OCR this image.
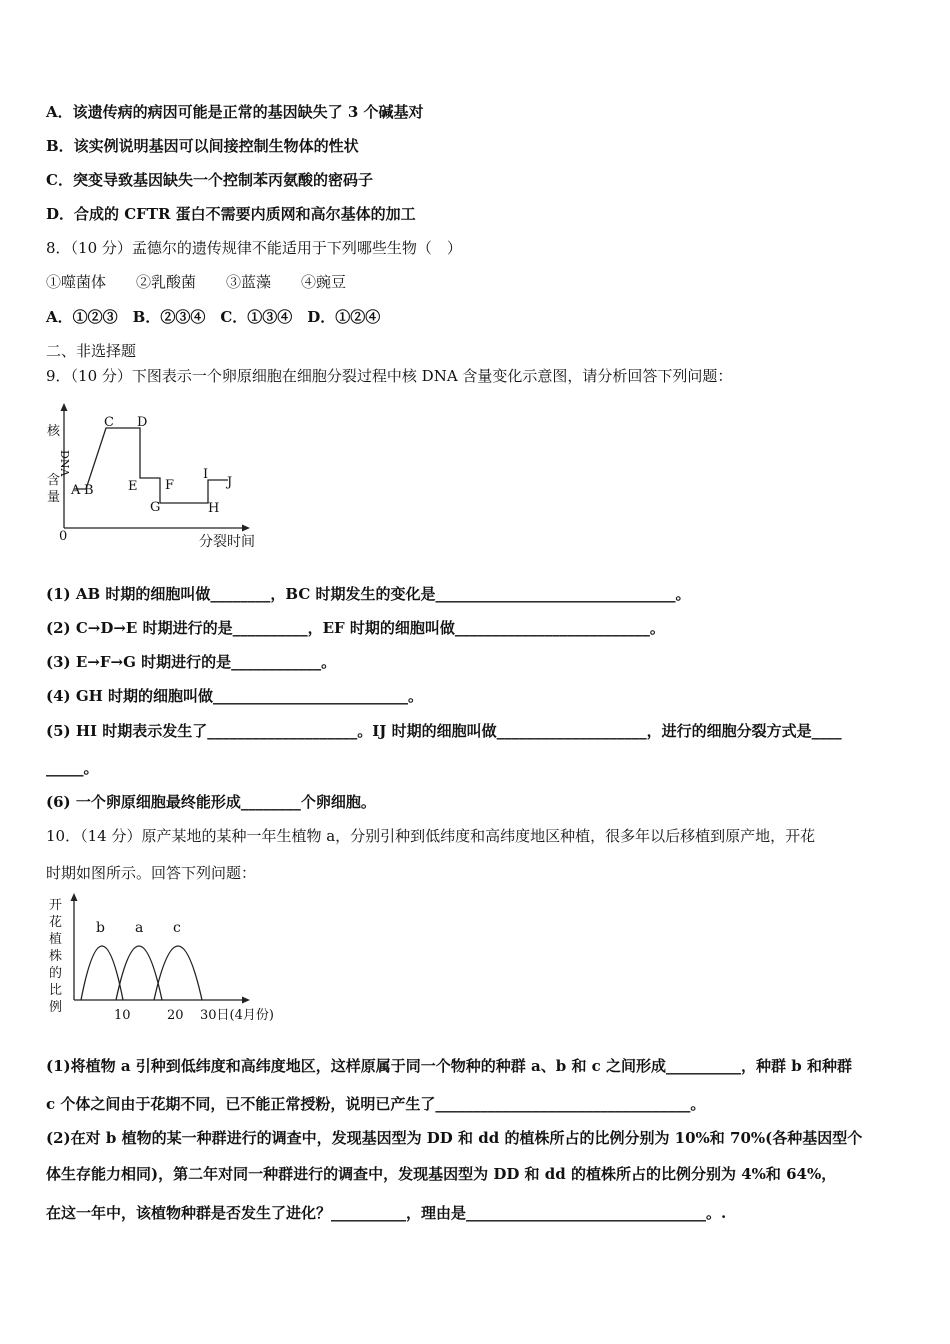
A．该遗传病的病因可能是正常的基因缺失了 3 个碱基对
B．该实例说明基因可以间接控制生物体的性状
C．突变导致基因缺失一个控制苯丙氨酸的密码子
D．合成的 CFTR 蛋白不需要内质网和高尔基体的加工
8．（10 分）孟德尔的遗传规律不能适用于下列哪些生物（　）
①噬菌体　　②乳酸菌　　③蓝藻　　④豌豆
A．①②③　B．②③④　C．①③④　D．①②④
二、非选择题
9．（10 分）下图表示一个卵原细胞在细胞分裂过程中核 DNA 含量变化示意图，请分析回答下列问题：
核
DNA
含
量 A B
C D
E F
G	H
I
J
0	分裂时间
(1) AB 时期的细胞叫做________，BC 时期发生的变化是________________________________。
(2) C→D→E 时期进行的是__________，EF 时期的细胞叫做__________________________。
(3) E→F→G 时期进行的是____________。
(4) GH 时期的细胞叫做__________________________。
(5) HI 时期表示发生了____________________。IJ 时期的细胞叫做____________________，进行的细胞分裂方式是____
_____。
(6) 一个卵原细胞最终能形成________个卵细胞。
10．（14 分）原产某地的某种一年生植物 a，分别引种到低纬度和高纬度地区种植，很多年以后移植到原产地，开花
时期如图所示。回答下列问题：
b a c
开
花
植
株
的
比
例
10	20 30日(4月份)
(1)将植物 a 引种到低纬度和高纬度地区，这样原属于同一个物种的种群 a、b 和 c 之间形成__________，种群 b 和种群
c 个体之间由于花期不同，已不能正常授粉，说明已产生了__________________________________。
(2)在对 b 植物的某一种群进行的调查中，发现基因型为 DD 和 dd 的植株所占的比例分别为 10%和 70%(各种基因型个
体生存能力相同)，第二年对同一种群进行的调查中，发现基因型为 DD 和 dd 的植株所占的比例分别为 4%和 64%，
在这一年中，该植物种群是否发生了进化？__________，理由是________________________________。.
